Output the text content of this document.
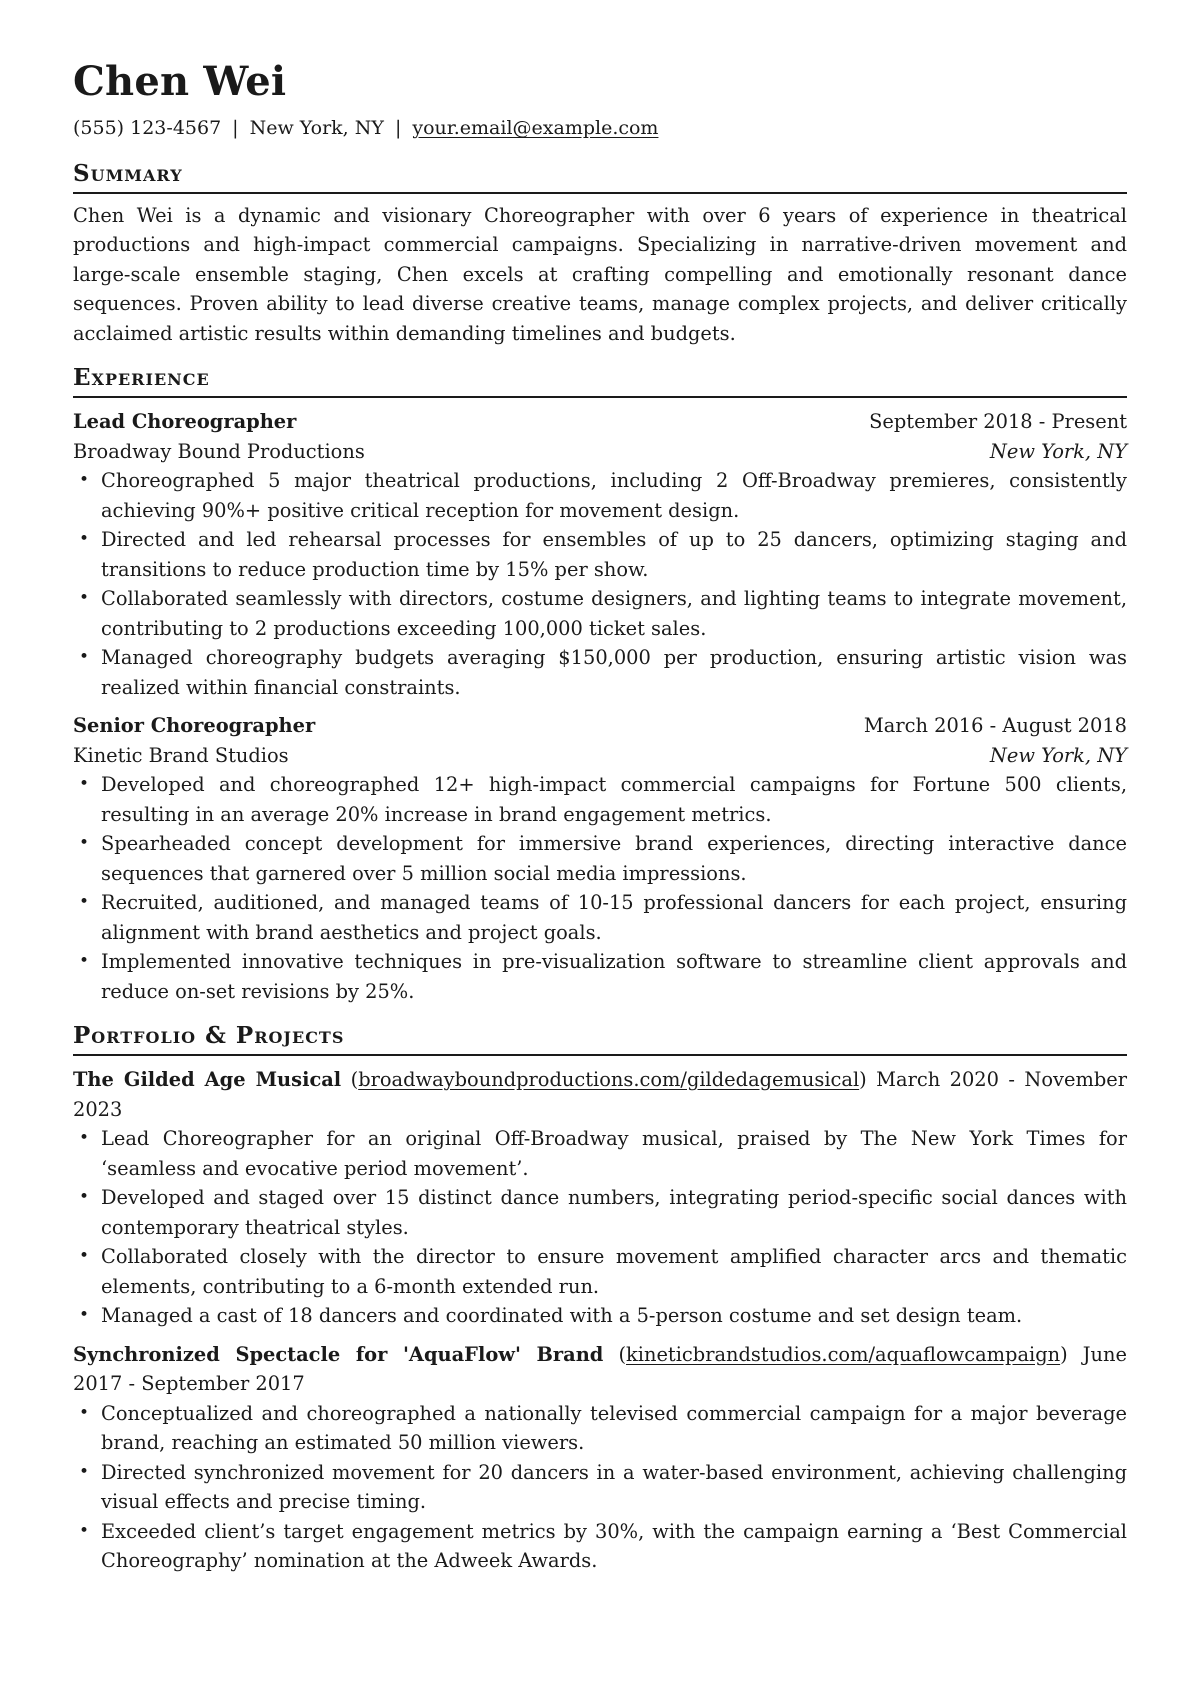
Chen Wei
(555) 123-4567 | New York, NY | your.email@example.com
Summary
Chen Wei is a dynamic and visionary Choreographer with over 6 years of experience in theatrical productions and high-impact commercial campaigns. Specializing in narrative-driven movement and large-scale ensemble staging, Chen excels at crafting compelling and emotionally resonant dance sequences. Proven ability to lead diverse creative teams, manage complex projects, and deliver critically acclaimed artistic results within demanding timelines and budgets.
Experience
Lead Choreographer	September 2018 - Present
Broadway Bound Productions	New York, NY
• Choreographed 5 major theatrical productions, including 2 Off-Broadway premieres, consistently achieving 90%+ positive critical reception for movement design.
• Directed and led rehearsal processes for ensembles of up to 25 dancers, optimizing staging and transitions to reduce production time by 15% per show.
• Collaborated seamlessly with directors, costume designers, and lighting teams to integrate movement, contributing to 2 productions exceeding 100,000 ticket sales.
• Managed choreography budgets averaging $150,000 per production, ensuring artistic vision was realized within financial constraints.
Senior Choreographer	March 2016 - August 2018
Kinetic Brand Studios	New York, NY
• Developed and choreographed 12+ high-impact commercial campaigns for Fortune 500 clients, resulting in an average 20% increase in brand engagement metrics.
• Spearheaded concept development for immersive brand experiences, directing interactive dance sequences that garnered over 5 million social media impressions.
• Recruited, auditioned, and managed teams of 10-15 professional dancers for each project, ensuring alignment with brand aesthetics and project goals.
• Implemented innovative techniques in pre-visualization software to streamline client approvals and reduce on-set revisions by 25%.
Portfolio & Projects
The Gilded Age Musical (broadwayboundproductions.com/gildedagemusical) March 2020 - November 2023
• Lead Choreographer for an original Off-Broadway musical, praised by The New York Times for ‘seamless and evocative period movement’.
• Developed and staged over 15 distinct dance numbers, integrating period-specific social dances with contemporary theatrical styles.
• Collaborated closely with the director to ensure movement amplified character arcs and thematic elements, contributing to a 6-month extended run.
• Managed a cast of 18 dancers and coordinated with a 5-person costume and set design team.
Synchronized Spectacle for 'AquaFlow' Brand (kineticbrandstudios.com/aquaflowcampaign) June 2017 - September 2017
• Conceptualized and choreographed a nationally televised commercial campaign for a major beverage brand, reaching an estimated 50 million viewers.
• Directed synchronized movement for 20 dancers in a water-based environment, achieving challenging visual effects and precise timing.
• Exceeded client’s target engagement metrics by 30%, with the campaign earning a ‘Best Commercial Choreography’ nomination at the Adweek Awards.
